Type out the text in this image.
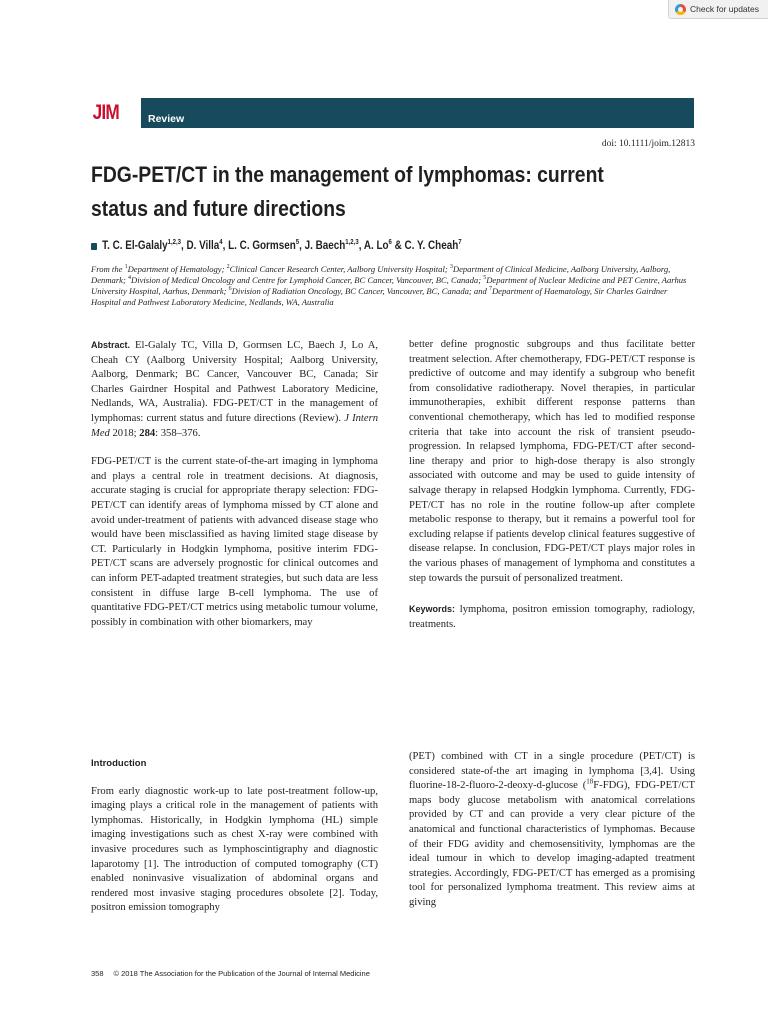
Check for updates
JIM	Review
doi: 10.1111/joim.12813
FDG-PET/CT in the management of lymphomas: current
status and future directions
T. C. El-Galaly$^{1,2,3}$, D. Villa$^4$, L. C. Gormsen$^5$, J. Baech$^{1,2,3}$, A. Lo$^6$ & C. Y. Cheah$^7$
From the $^1$Department of Hematology; $^2$Clinical Cancer Research Center, Aalborg University Hospital; $^3$Department of Clinical Medicine, Aalborg University, Aalborg, Denmark; $^4$Division of Medical Oncology and Centre for Lymphoid Cancer, BC Cancer, Vancouver, BC, Canada; $^5$Department of Nuclear Medicine and PET Centre, Aarhus University Hospital, Aarhus, Denmark; $^6$Division of Radiation Oncology, BC Cancer, Vancouver, BC, Canada; and $^7$Department of Haematology, Sir Charles Gairdner Hospital and Pathwest Laboratory Medicine, Nedlands, WA, Australia

Abstract. El-Galaly TC, Villa D, Gormsen LC, Baech J, Lo A, Cheah CY (Aalborg University Hospital; Aalborg University, Aalborg, Denmark; BC Cancer, Vancouver BC, Canada; Sir Charles Gairdner Hospital and Pathwest Laboratory Medicine, Nedlands, WA, Australia). FDG-PET/CT in the management of lymphomas: current status and future directions (Review). J Intern Med 2018; 284: 358–376.

FDG-PET/CT is the current state-of-the-art imaging in lymphoma and plays a central role in treatment decisions. At diagnosis, accurate staging is crucial for appropriate therapy selection: FDG-PET/CT can identify areas of lymphoma missed by CT alone and avoid under-treatment of patients with advanced disease stage who would have been misclassified as having limited stage disease by CT. Particularly in Hodgkin lymphoma, positive interim FDG-PET/CT scans are adversely prognostic for clinical outcomes and can inform PET-adapted treatment strategies, but such data are less consistent in diffuse large B-cell lymphoma. The use of quantitative FDG-PET/CT metrics using metabolic tumour volume, possibly in combination with other biomarkers, may

better define prognostic subgroups and thus facilitate better treatment selection. After chemotherapy, FDG-PET/CT response is predictive of outcome and may identify a subgroup who benefit from consolidative radiotherapy. Novel therapies, in particular immunotherapies, exhibit different response patterns than conventional chemotherapy, which has led to modified response criteria that take into account the risk of transient pseudo-progression. In relapsed lymphoma, FDG-PET/CT after second-line therapy and prior to high-dose therapy is also strongly associated with outcome and may be used to guide intensity of salvage therapy in relapsed Hodgkin lymphoma. Currently, FDG-PET/CT has no role in the routine follow-up after complete metabolic response to therapy, but it remains a powerful tool for excluding relapse if patients develop clinical features suggestive of disease relapse. In conclusion, FDG-PET/CT plays major roles in the various phases of management of lymphoma and constitutes a step towards the pursuit of personalized treatment.

Keywords: lymphoma, positron emission tomography, radiology, treatments.

Introduction

From early diagnostic work-up to late post-treatment follow-up, imaging plays a critical role in the management of patients with lymphomas. Historically, in Hodgkin lymphoma (HL) simple imaging investigations such as chest X-ray were combined with invasive procedures such as lymphoscintigraphy and diagnostic laparotomy [1]. The introduction of computed tomography (CT) enabled noninvasive visualization of abdominal organs and rendered most invasive staging procedures obsolete [2]. Today, positron emission tomography

(PET) combined with CT in a single procedure (PET/CT) is considered state-of-the art imaging in lymphoma [3,4]. Using fluorine-18-2-fluoro-2-deoxy-d-glucose ($^{18}$F-FDG), FDG-PET/CT maps body glucose metabolism with anatomical correlations provided by CT and can provide a very clear picture of the anatomical and functional characteristics of lymphomas. Because of their FDG avidity and chemosensitivity, lymphomas are the ideal tumour in which to develop imaging-adapted treatment strategies. Accordingly, FDG-PET/CT has emerged as a promising tool for personalized lymphoma treatment. This review aims at giving

358 © 2018 The Association for the Publication of the Journal of Internal Medicine
